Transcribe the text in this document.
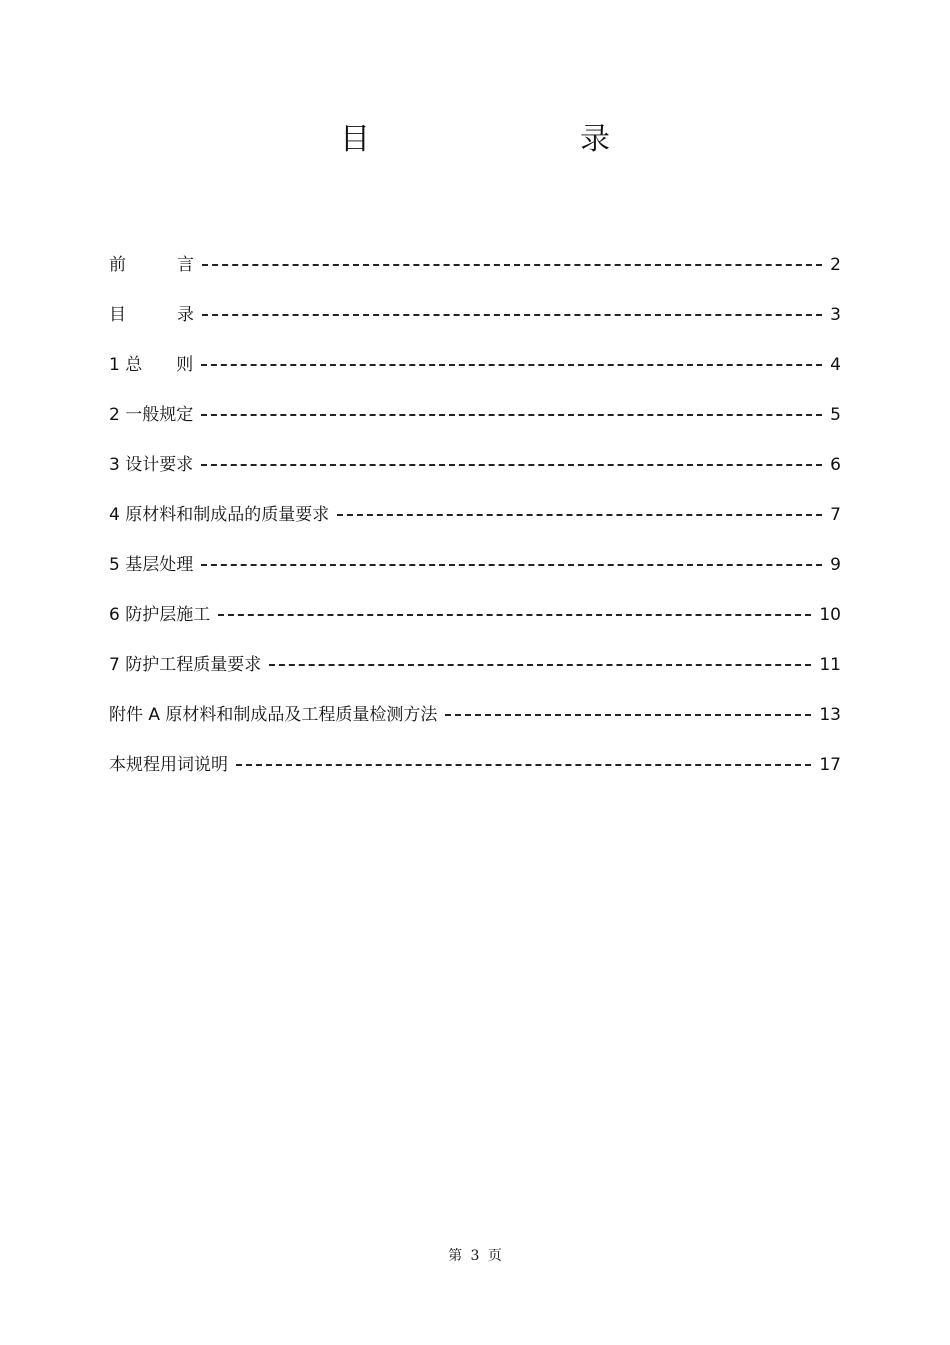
目　　录
前　　　言	2
目　　　录	3
1 总　　则	4
2 一般规定	5
3 设计要求	6
4 原材料和制成品的质量要求	7
5 基层处理	9
6 防护层施工	10
7 防护工程质量要求	11
附件 A 原材料和制成品及工程质量检测方法	13
本规程用词说明	17
第 3 页
